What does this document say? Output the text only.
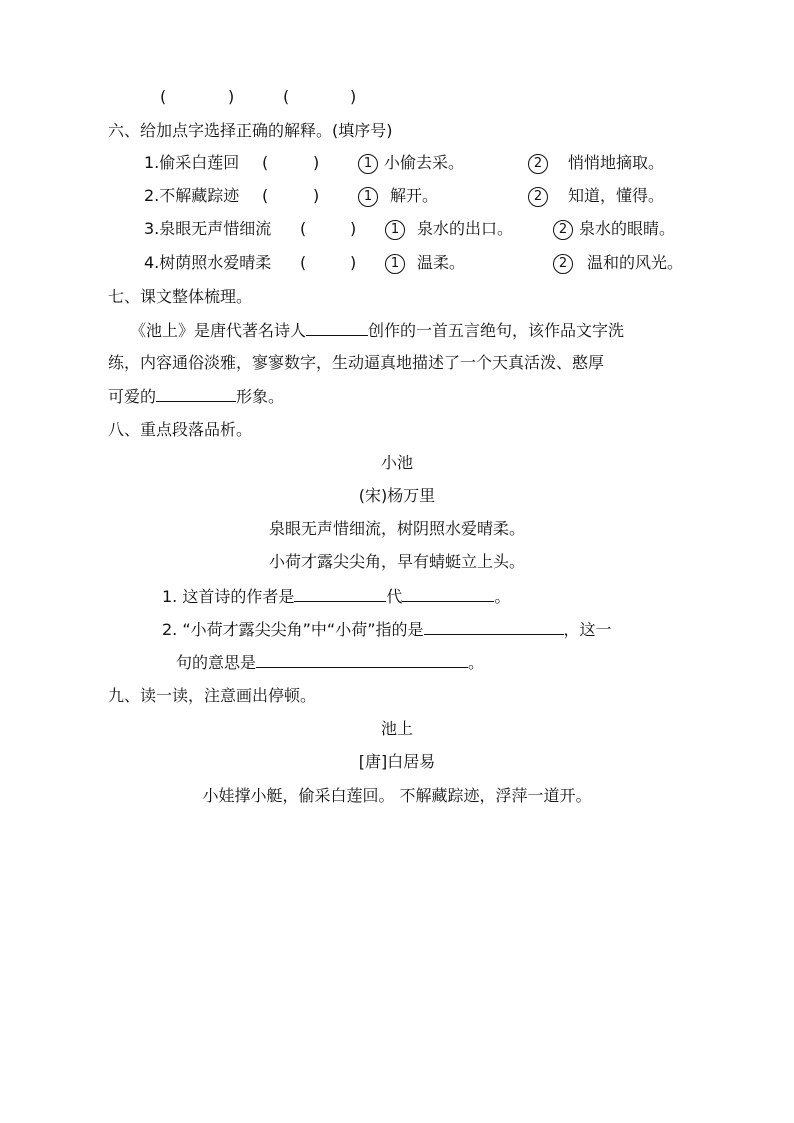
(	)	(	)
六、给加点字选择正确的解释。(填序号)
1.偷采白莲回 (	)	1 小偷去采。	2 悄悄地摘取。
2.不解藏踪迹 (	)	1 解开。	2 知道，懂得。
3.泉眼无声惜细流 (	)	1 泉水的出口。	2 泉水的眼睛。
4.树荫照水爱晴柔 (	)	1 温柔。	2 温和的风光。
七、课文整体梳理。
《池上》是唐代著名诗人	创作的一首五言绝句，该作品文字洗
练，内容通俗淡雅，寥寥数字，生动逼真地描述了一个天真活泼、憨厚
可爱的	形象。
八、重点段落品析。
小池
(宋)杨万里
泉眼无声惜细流，树阴照水爱晴柔。
小荷才露尖尖角，早有蜻蜓立上头。
1. 这首诗的作者是	代	。
2. “小荷才露尖尖角”中“小荷”指的是	，这一
句的意思是	。
九、读一读，注意画出停顿。
池上
[唐]白居易
小娃撑小艇，偷采白莲回。 不解藏踪迹，浮萍一道开。
